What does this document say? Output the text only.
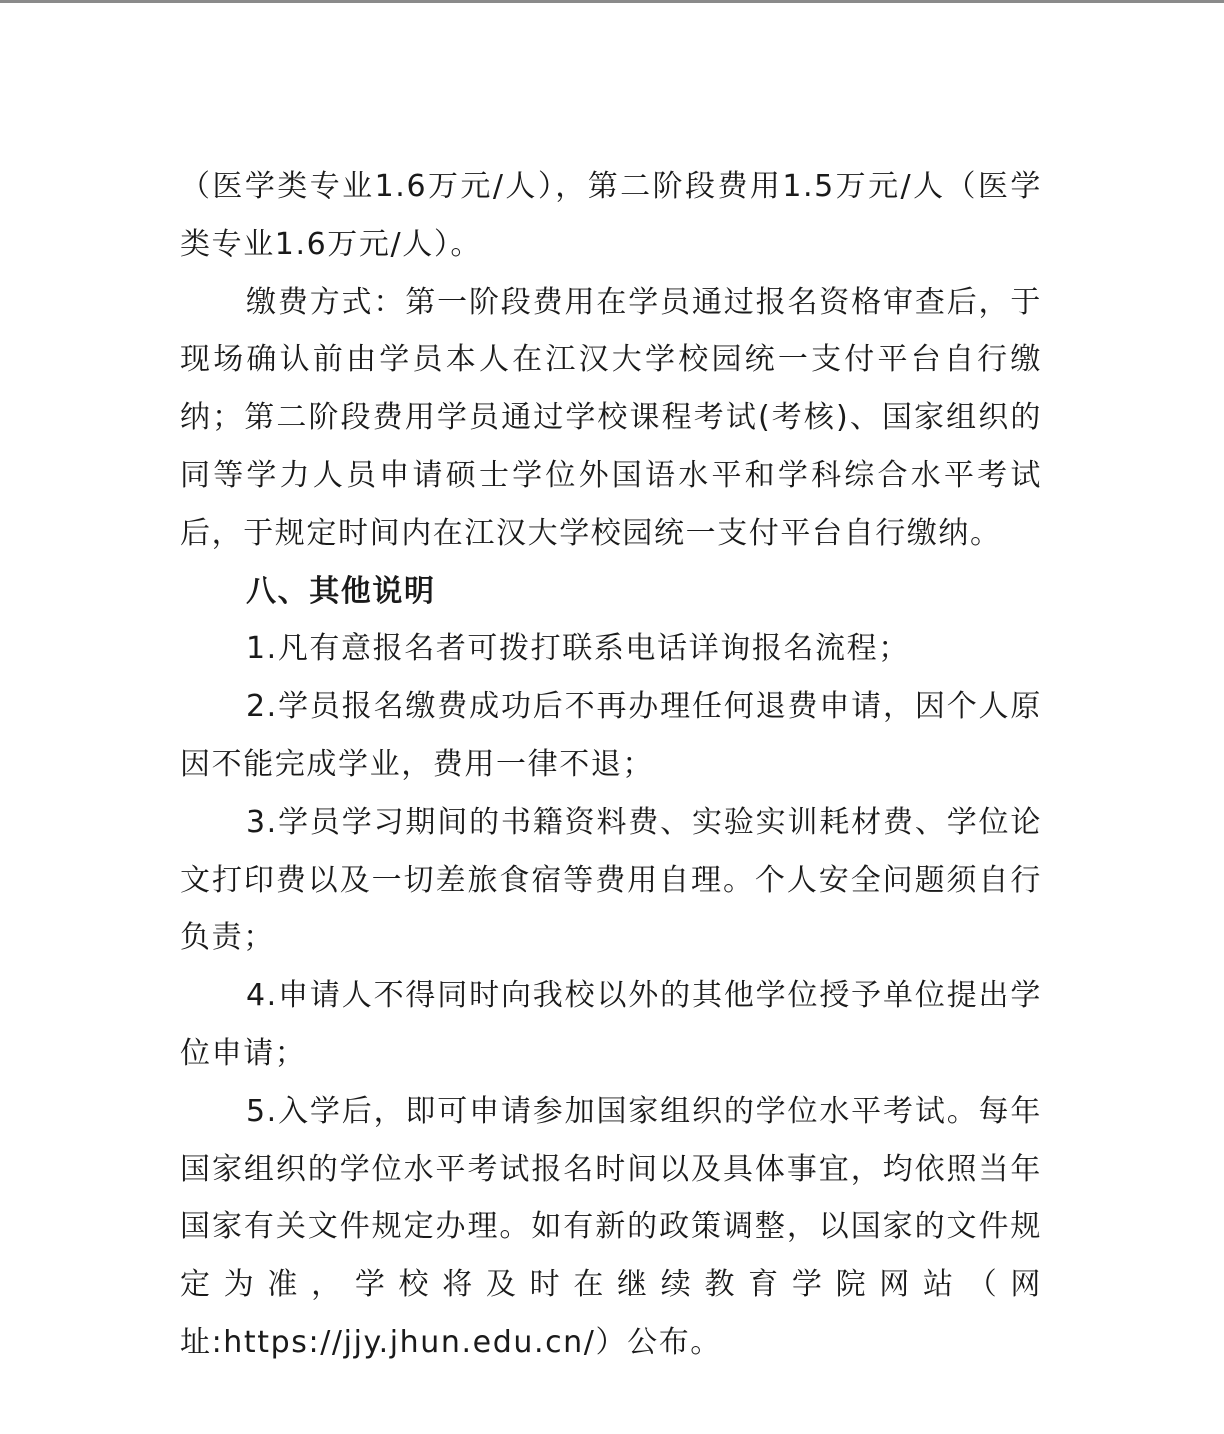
（医学类专业1.6万元/人），第二阶段费用1.5万元/人（医学类专业1.6万元/人）。

缴费方式：第一阶段费用在学员通过报名资格审查后，于现场确认前由学员本人在江汉大学校园统一支付平台自行缴纳；第二阶段费用学员通过学校课程考试(考核)、国家组织的同等学力人员申请硕士学位外国语水平和学科综合水平考试后，于规定时间内在江汉大学校园统一支付平台自行缴纳。

八、其他说明

1.凡有意报名者可拨打联系电话详询报名流程；

2.学员报名缴费成功后不再办理任何退费申请，因个人原因不能完成学业，费用一律不退；

3.学员学习期间的书籍资料费、实验实训耗材费、学位论文打印费以及一切差旅食宿等费用自理。个人安全问题须自行负责；

4.申请人不得同时向我校以外的其他学位授予单位提出学位申请；

5.入学后，即可申请参加国家组织的学位水平考试。每年国家组织的学位水平考试报名时间以及具体事宜，均依照当年国家有关文件规定办理。如有新的政策调整，以国家的文件规定为准，学校将及时在继续教育学院网站（网址:https://jjy.jhun.edu.cn/）公布。
